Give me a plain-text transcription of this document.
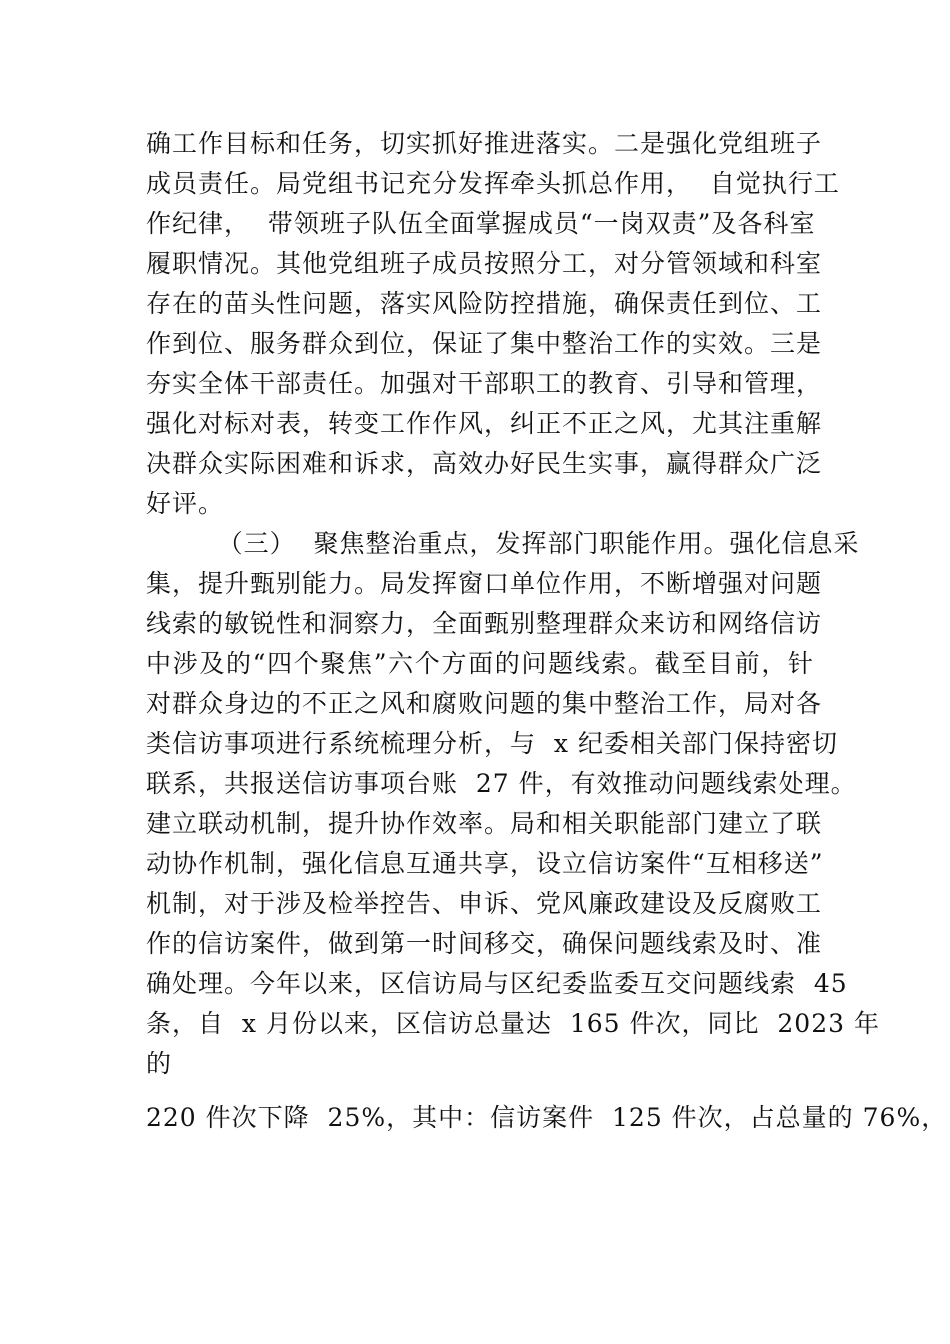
确工作目标和任务，切实抓好推进落实。二是强化党组班子
成员责任。局党组书记充分发挥牵头抓总作用，  自觉执行工
作纪律，  带领班子队伍全面掌握成员“一岗双责”及各科室
履职情况。其他党组班子成员按照分工，对分管领域和科室
存在的苗头性问题，落实风险防控措施，确保责任到位、工
作到位、服务群众到位，保证了集中整治工作的实效。三是
夯实全体干部责任。加强对干部职工的教育、引导和管理，
强化对标对表，转变工作作风，纠正不正之风，尤其注重解
决群众实际困难和诉求，高效办好民生实事，赢得群众广泛
好评。
（三）  聚焦整治重点，发挥部门职能作用。强化信息采
集，提升甄别能力。局发挥窗口单位作用，不断增强对问题
线索的敏锐性和洞察力，全面甄别整理群众来访和网络信访
中涉及的“四个聚焦”六个方面的问题线索。截至目前，针
对群众身边的不正之风和腐败问题的集中整治工作，局对各
类信访事项进行系统梳理分析，与  x 纪委相关部门保持密切
联系，共报送信访事项台账  27 件，有效推动问题线索处理。
建立联动机制，提升协作效率。局和相关职能部门建立了联
动协作机制，强化信息互通共享，设立信访案件“互相移送”
机制，对于涉及检举控告、申诉、党风廉政建设及反腐败工
作的信访案件，做到第一时间移交，确保问题线索及时、准
确处理。今年以来，区信访局与区纪委监委互交问题线索  45
条，自  x 月份以来，区信访总量达  165 件次，同比  2023 年
的
220 件次下降  25%，其中：信访案件  125 件次，占总量的 76%，
